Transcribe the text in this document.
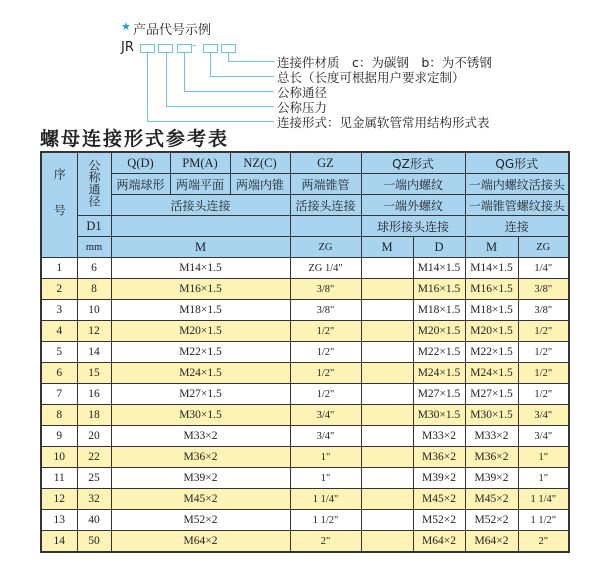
★ 产品代号示例
JR	-
连接件材质　c：为碳钢　b：为不锈钢
总长（长度可根据用户要求定制）
公称通径
公称压力
连接形式：见金属软管常用结构形式表
螺母连接形式参考表
序号	公称通径	Q(D)	PM(A)	NZ(C)	GZ	QZ形式		QG形式	
		两端球形	两端平面	两端内锥	两端锥管	一端内螺纹		一端内螺纹活接头	
		活接头连接			活接头连接	一端外螺纹		一端锥管螺纹接头	
	D1					球形接头连接		连接	
	mm	M			ZG	M	D	M	ZG
1	6	M14×1.5			ZG 1/4"		M14×1.5	M14×1.5	1/4"
2	8	M16×1.5			3/8"		M16×1.5	M16×1.5	3/8"
3	10	M18×1.5			3/8"		M18×1.5	M18×1.5	3/8"
4	12	M20×1.5			1/2"		M20×1.5	M20×1.5	1/2"
5	14	M22×1.5			1/2"		M22×1.5	M22×1.5	1/2"
6	15	M24×1.5			1/2"		M24×1.5	M24×1.5	1/2"
7	16	M27×1.5			1/2"		M27×1.5	M27×1.5	1/2"
8	18	M30×1.5			3/4"		M30×1.5	M30×1.5	3/4"
9	20	M33×2			3/4"		M33×2	M33×2	3/4"
10	22	M36×2			1"		M36×2	M36×2	1"
11	25	M39×2			1"		M39×2	M39×2	1"
12	32	M45×2			1 1/4"		M45×2	M45×2	1 1/4"
13	40	M52×2			1 1/2"		M52×2	M52×2	1 1/2"
14	50	M64×2			2"		M64×2	M64×2	2"
